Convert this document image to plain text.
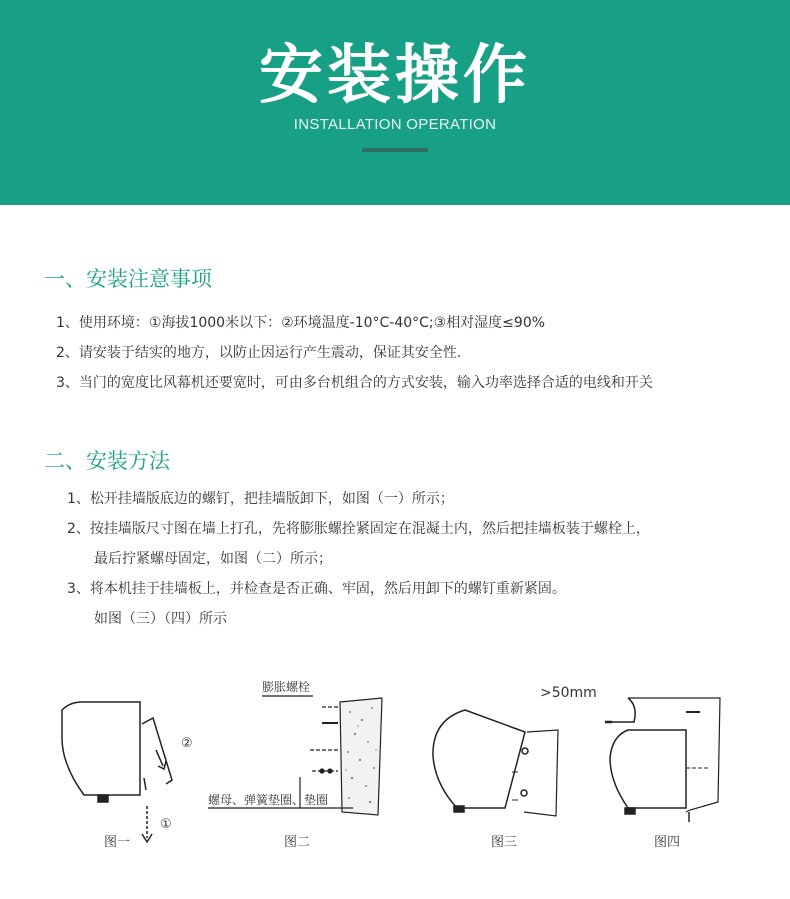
安装操作
INSTALLATION OPERATION
一、安装注意事项
1、使用环境：①海拔1000米以下：②环境温度-10°C-40°C;③相对湿度≤90%
2、请安装于结实的地方，以防止因运行产生震动，保证其安全性.
3、当门的宽度比风幕机还要宽时，可由多台机组合的方式安装，输入功率选择合适的电线和开关
二、安装方法
1、松开挂墙版底边的螺钉，把挂墙版卸下，如图（一）所示；
2、按挂墙版尺寸图在墙上打孔，先将膨胀螺拴紧固定在混凝土内，然后把挂墙板装于螺栓上，
最后拧紧螺母固定，如图（二）所示；
3、将本机挂于挂墙板上，并检查是否正确、牢固，然后用卸下的螺钉重新紧固。
如图（三）（四）所示
②
①
图一
膨胀螺栓
螺母、弹簧垫圈、垫圈
图二
>50mm
图三	图四
